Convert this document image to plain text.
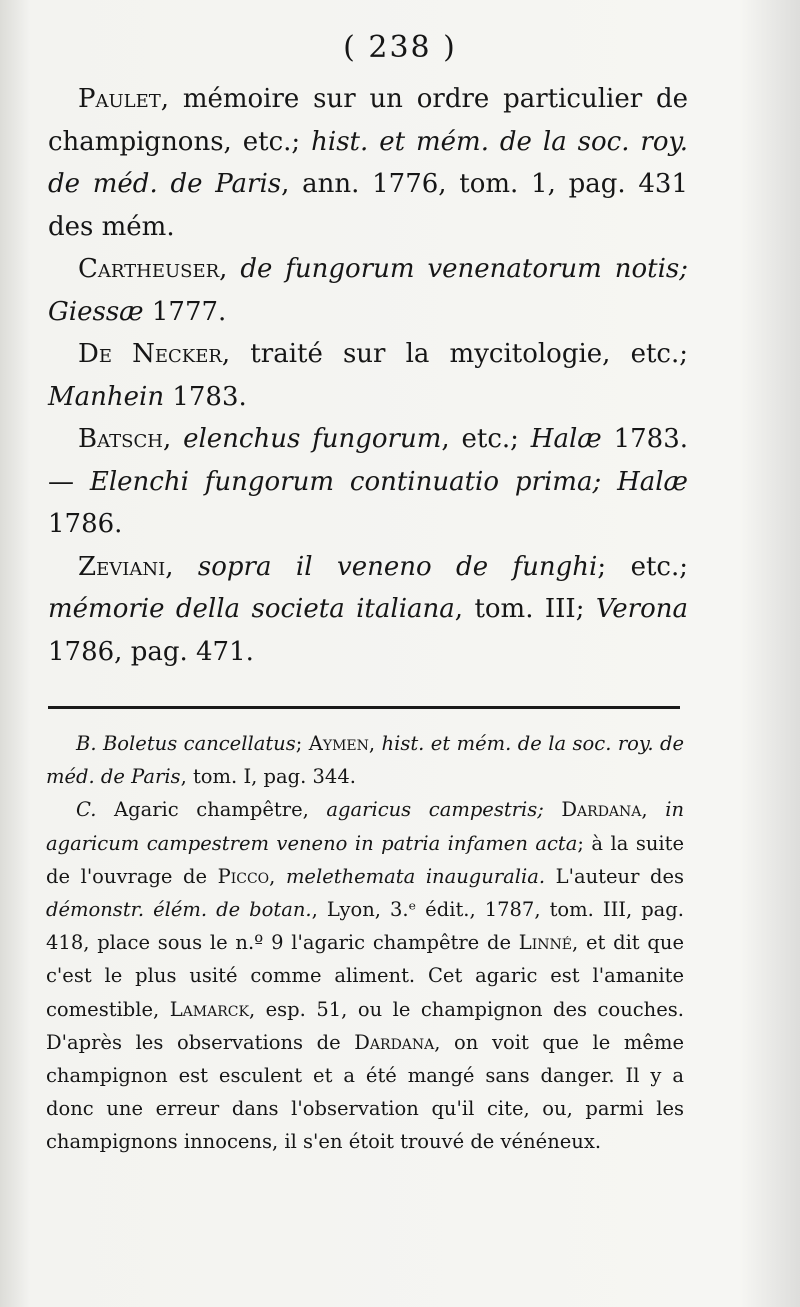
( 238 )

Paulet, mémoire sur un ordre particulier de champignons, etc.; hist. et mém. de la soc. roy. de méd. de Paris, ann. 1776, tom. 1, pag. 431 des mém.

Cartheuser, de fungorum venenatorum notis; Giessæ 1777.

De Necker, traité sur la mycitologie, etc.; Manhein 1783.

Batsch, elenchus fungorum, etc.; Halæ 1783. — Elenchi fungorum continuatio prima; Halæ 1786.

Zeviani, sopra il veneno de funghi; etc.; mémorie della societa italiana, tom. III; Verona 1786, pag. 471.

B. Boletus cancellatus; Aymen, hist. et mém. de la soc. roy. de méd. de Paris, tom. I, pag. 344.

C. Agaric champêtre, agaricus campestris; Dardana, in agaricum campestrem veneno in patria infamen acta; à la suite de l'ouvrage de Picco, melethemata inauguralia. L'auteur des démonstr. élém. de botan., Lyon, 3.ᵉ édit., 1787, tom. III, pag. 418, place sous le n.º 9 l'agaric champêtre de Linné, et dit que c'est le plus usité comme aliment. Cet agaric est l'amanite comestible, Lamarck, esp. 51, ou le champignon des couches. D'après les observations de Dardana, on voit que le même champignon est esculent et a été mangé sans danger. Il y a donc une erreur dans l'observation qu'il cite, ou, parmi les champignons innocens, il s'en étoit trouvé de vénéneux.
